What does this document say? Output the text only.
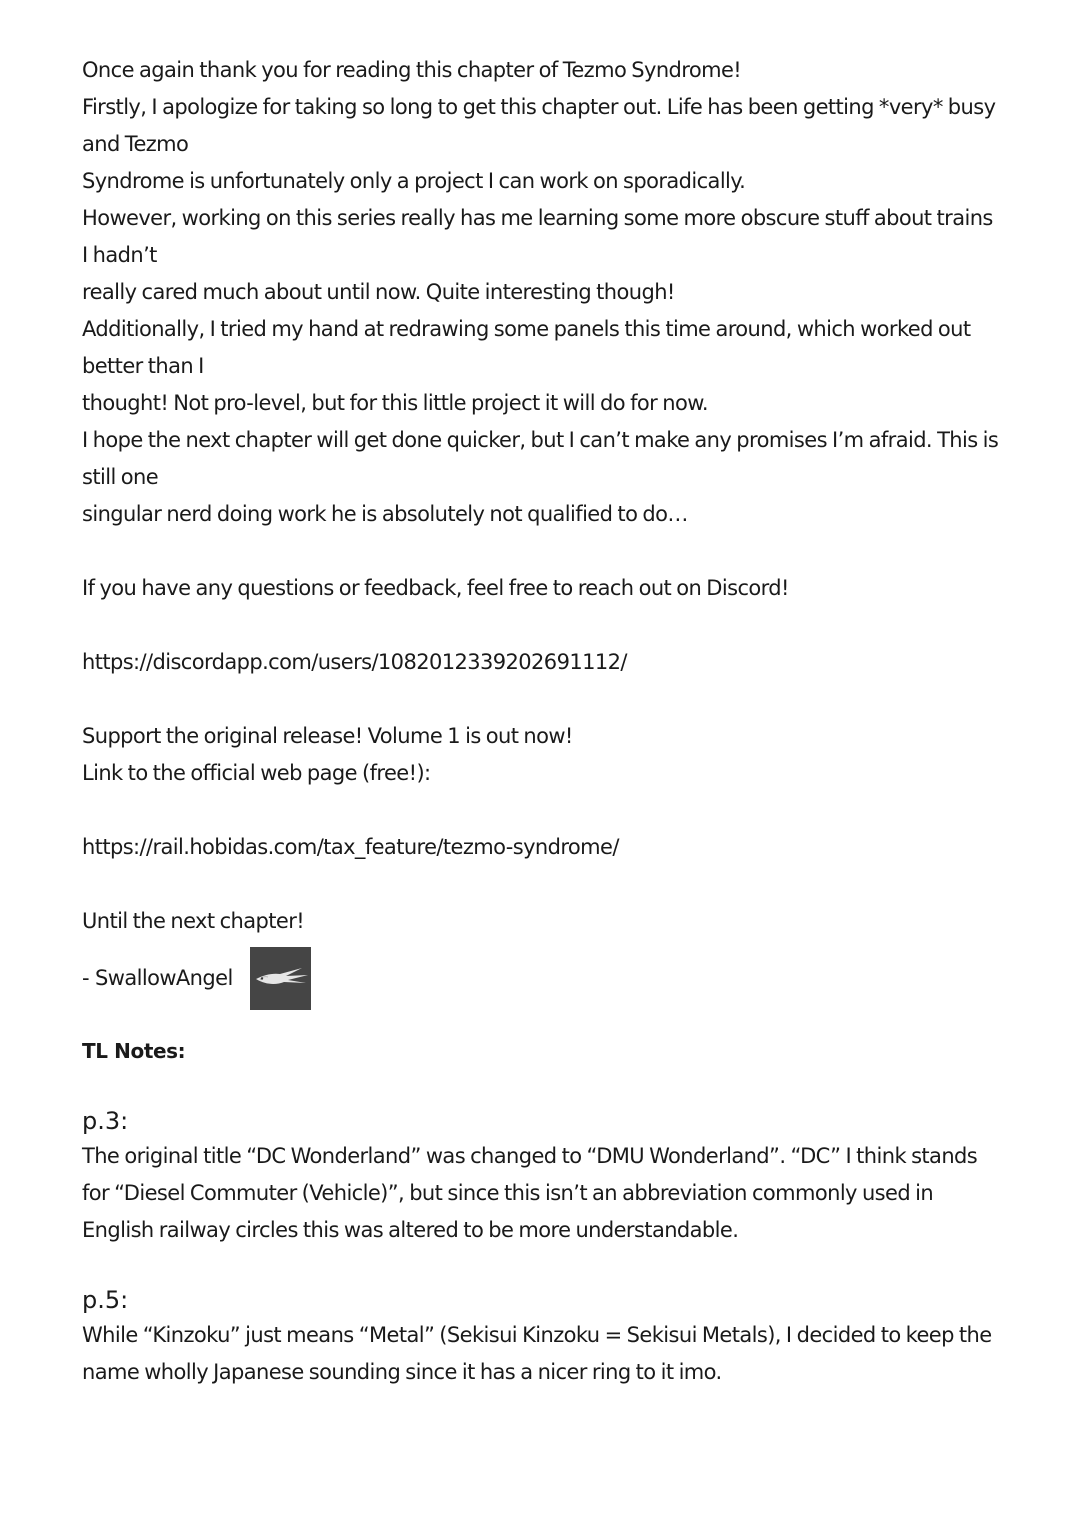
Once again thank you for reading this chapter of Tezmo Syndrome!
Firstly, I apologize for taking so long to get this chapter out. Life has been getting *very* busy and Tezmo
Syndrome is unfortunately only a project I can work on sporadically.
However, working on this series really has me learning some more obscure stuff about trains I hadn’t
really cared much about until now. Quite interesting though!
Additionally, I tried my hand at redrawing some panels this time around, which worked out better than I
thought! Not pro-level, but for this little project it will do for now.
I hope the next chapter will get done quicker, but I can’t make any promises I’m afraid. This is still one
singular nerd doing work he is absolutely not qualified to do…

If you have any questions or feedback, feel free to reach out on Discord!

https://discordapp.com/users/1082012339202691112/

Support the original release! Volume 1 is out now!
Link to the official web page (free!):

https://rail.hobidas.com/tax_feature/tezmo-syndrome/

Until the next chapter!

- SwallowAngel
TL Notes:
p.3:

The original title “DC Wonderland” was changed to “DMU Wonderland”. “DC” I think stands for “Diesel Commuter (Vehicle)”, but since this isn’t an abbreviation commonly used in English railway circles this was altered to be more understandable.

p.5:

While “Kinzoku” just means “Metal” (Sekisui Kinzoku = Sekisui Metals), I decided to keep the name wholly Japanese sounding since it has a nicer ring to it imo.
